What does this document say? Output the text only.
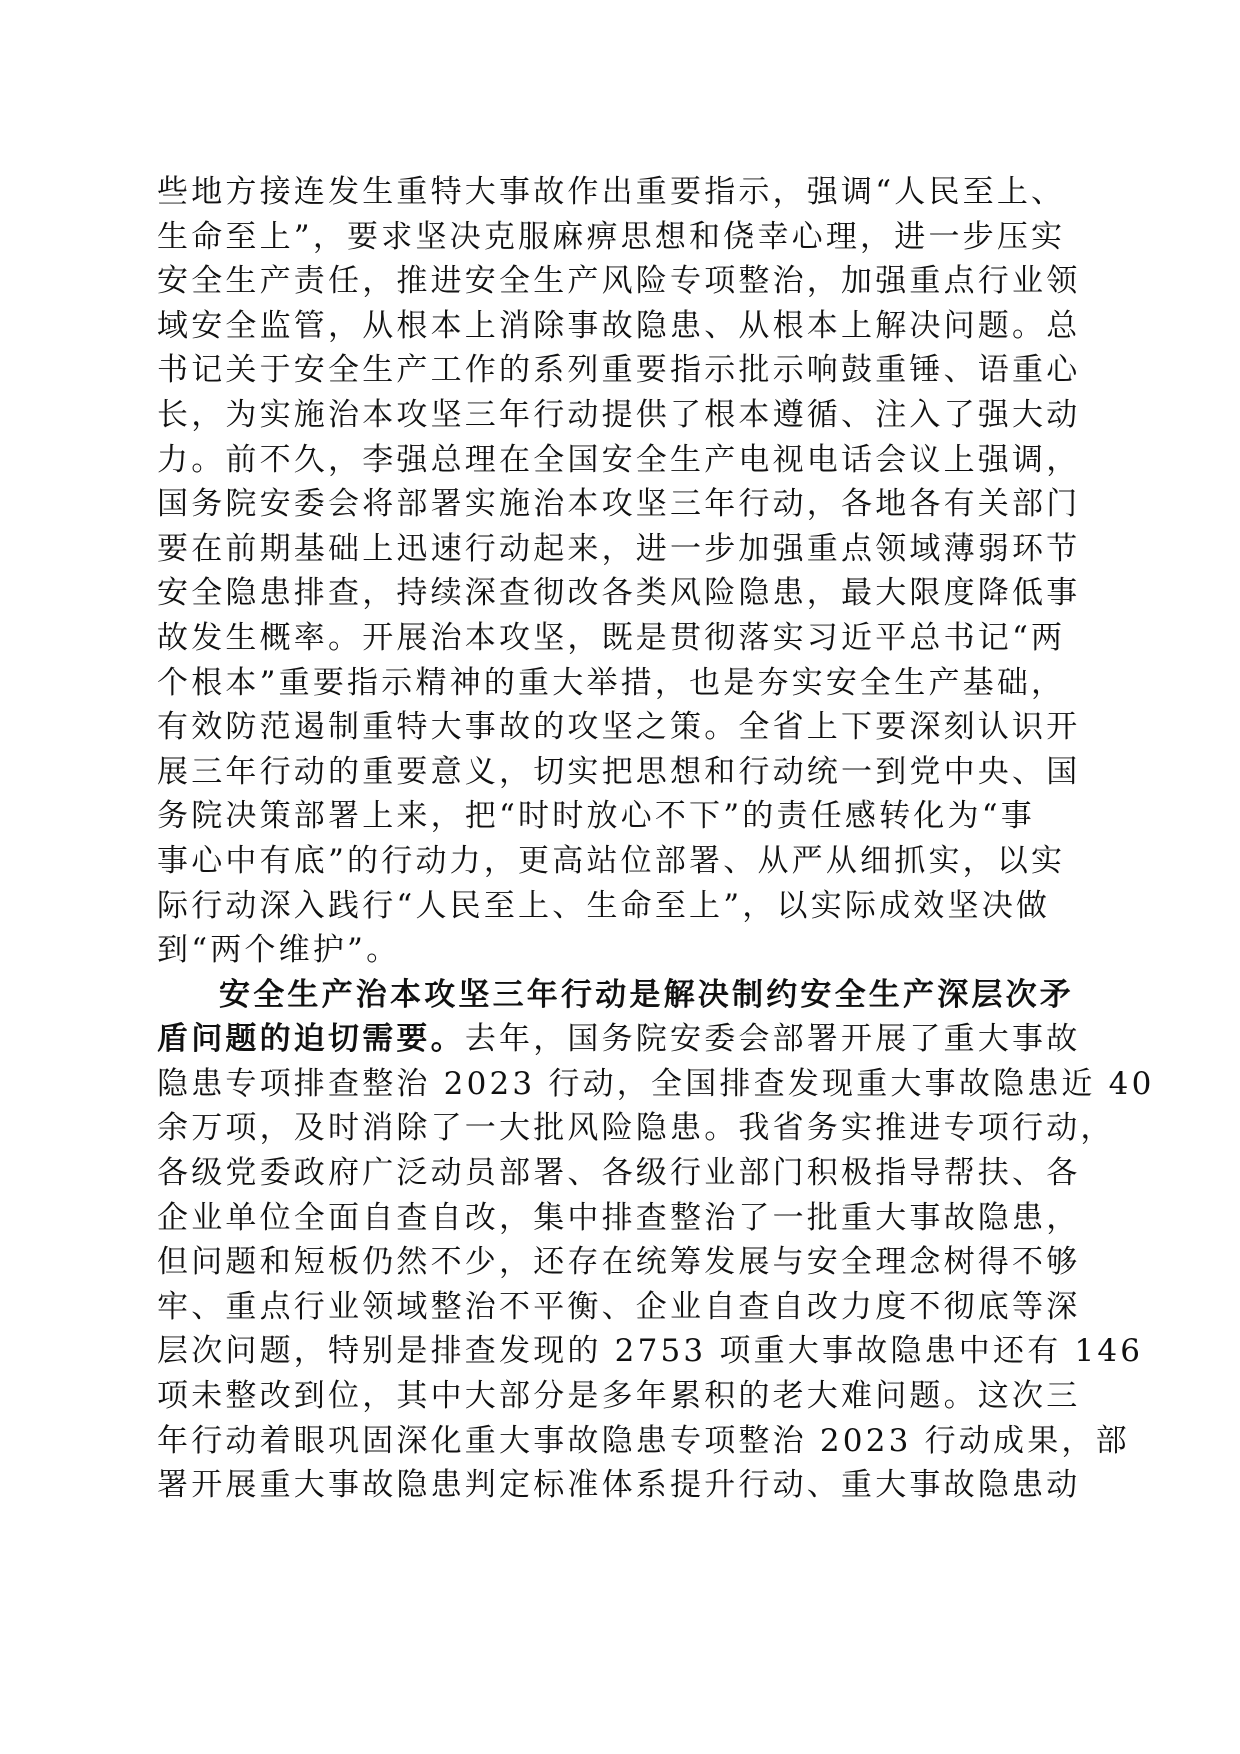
些地方接连发生重特大事故作出重要指示，强调“人民至上、
生命至上”，要求坚决克服麻痹思想和侥幸心理，进一步压实
安全生产责任，推进安全生产风险专项整治，加强重点行业领
域安全监管，从根本上消除事故隐患、从根本上解决问题。总
书记关于安全生产工作的系列重要指示批示响鼓重锤、语重心
长，为实施治本攻坚三年行动提供了根本遵循、注入了强大动
力。前不久，李强总理在全国安全生产电视电话会议上强调，
国务院安委会将部署实施治本攻坚三年行动，各地各有关部门
要在前期基础上迅速行动起来，进一步加强重点领域薄弱环节
安全隐患排查，持续深查彻改各类风险隐患，最大限度降低事
故发生概率。开展治本攻坚，既是贯彻落实习近平总书记“两
个根本”重要指示精神的重大举措，也是夯实安全生产基础，
有效防范遏制重特大事故的攻坚之策。全省上下要深刻认识开
展三年行动的重要意义，切实把思想和行动统一到党中央、国
务院决策部署上来，把“时时放心不下”的责任感转化为“事
事心中有底”的行动力，更高站位部署、从严从细抓实，以实
际行动深入践行“人民至上、生命至上”，以实际成效坚决做
到“两个维护”。
安全生产治本攻坚三年行动是解决制约安全生产深层次矛
盾问题的迫切需要。去年，国务院安委会部署开展了重大事故
隐患专项排查整治 2023 行动，全国排查发现重大事故隐患近 40
余万项，及时消除了一大批风险隐患。我省务实推进专项行动，
各级党委政府广泛动员部署、各级行业部门积极指导帮扶、各
企业单位全面自查自改，集中排查整治了一批重大事故隐患，
但问题和短板仍然不少，还存在统筹发展与安全理念树得不够
牢、重点行业领域整治不平衡、企业自查自改力度不彻底等深
层次问题，特别是排查发现的 2753 项重大事故隐患中还有 146
项未整改到位，其中大部分是多年累积的老大难问题。这次三
年行动着眼巩固深化重大事故隐患专项整治 2023 行动成果，部
署开展重大事故隐患判定标准体系提升行动、重大事故隐患动
